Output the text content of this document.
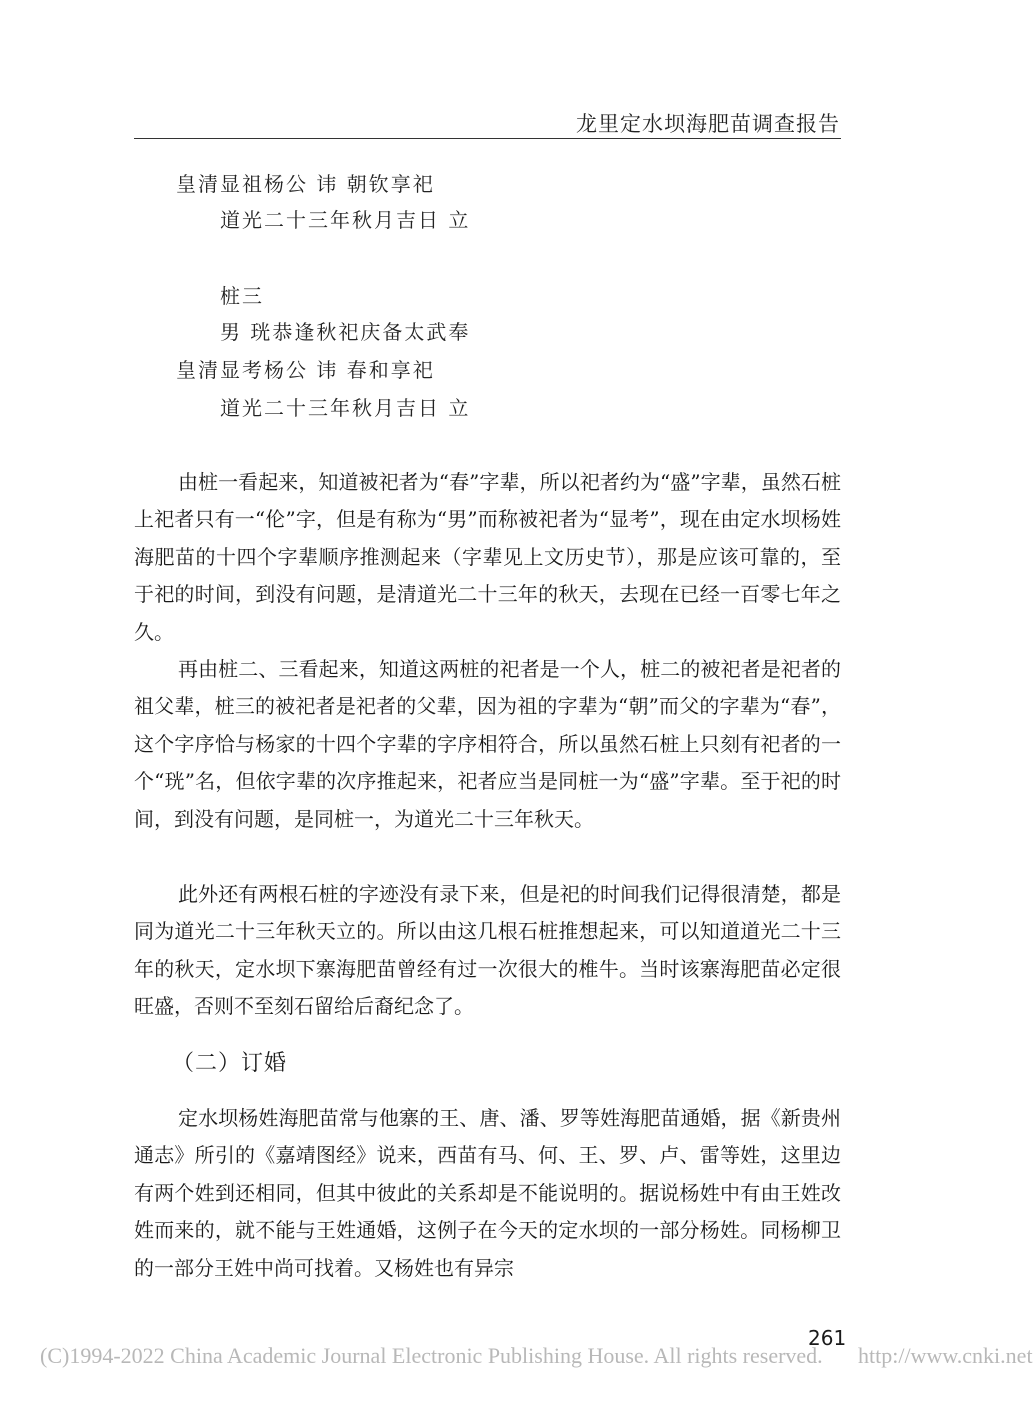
龙里定水坝海肥苗调查报告
皇清显祖杨公 讳 朝钦享祀
道光二十三年秋月吉日 立
桩三
男 珖恭逢秋祀庆备太武奉
皇清显考杨公 讳 春和享祀
道光二十三年秋月吉日 立

由桩一看起来，知道被祀者为“春”字辈，所以祀者约为“盛”字辈，虽然石桩上祀者只有一“伦”字，但是有称为“男”而称被祀者为“显考”，现在由定水坝杨姓海肥苗的十四个字辈顺序推测起来（字辈见上文历史节），那是应该可靠的，至于祀的时间，到没有问题，是清道光二十三年的秋天，去现在已经一百零七年之久。

再由桩二、三看起来，知道这两桩的祀者是一个人，桩二的被祀者是祀者的祖父辈，桩三的被祀者是祀者的父辈，因为祖的字辈为“朝”而父的字辈为“春”，这个字序恰与杨家的十四个字辈的字序相符合，所以虽然石桩上只刻有祀者的一个“珖”名，但依字辈的次序推起来，祀者应当是同桩一为“盛”字辈。至于祀的时间，到没有问题，是同桩一，为道光二十三年秋天。

此外还有两根石桩的字迹没有录下来，但是祀的时间我们记得很清楚，都是同为道光二十三年秋天立的。所以由这几根石桩推想起来，可以知道道光二十三年的秋天，定水坝下寨海肥苗曾经有过一次很大的椎牛。当时该寨海肥苗必定很旺盛，否则不至刻石留给后裔纪念了。

（二）订婚

定水坝杨姓海肥苗常与他寨的王、唐、潘、罗等姓海肥苗通婚，据《新贵州通志》所引的《嘉靖图经》说来，西苗有马、何、王、罗、卢、雷等姓，这里边有两个姓到还相同，但其中彼此的关系却是不能说明的。据说杨姓中有由王姓改姓而来的，就不能与王姓通婚，这例子在今天的定水坝的一部分杨姓。同杨柳卫的一部分王姓中尚可找着。又杨姓也有异宗

261
(C)1994-2022 China Academic Journal Electronic Publishing House. All rights reserved. http://www.cnki.net
